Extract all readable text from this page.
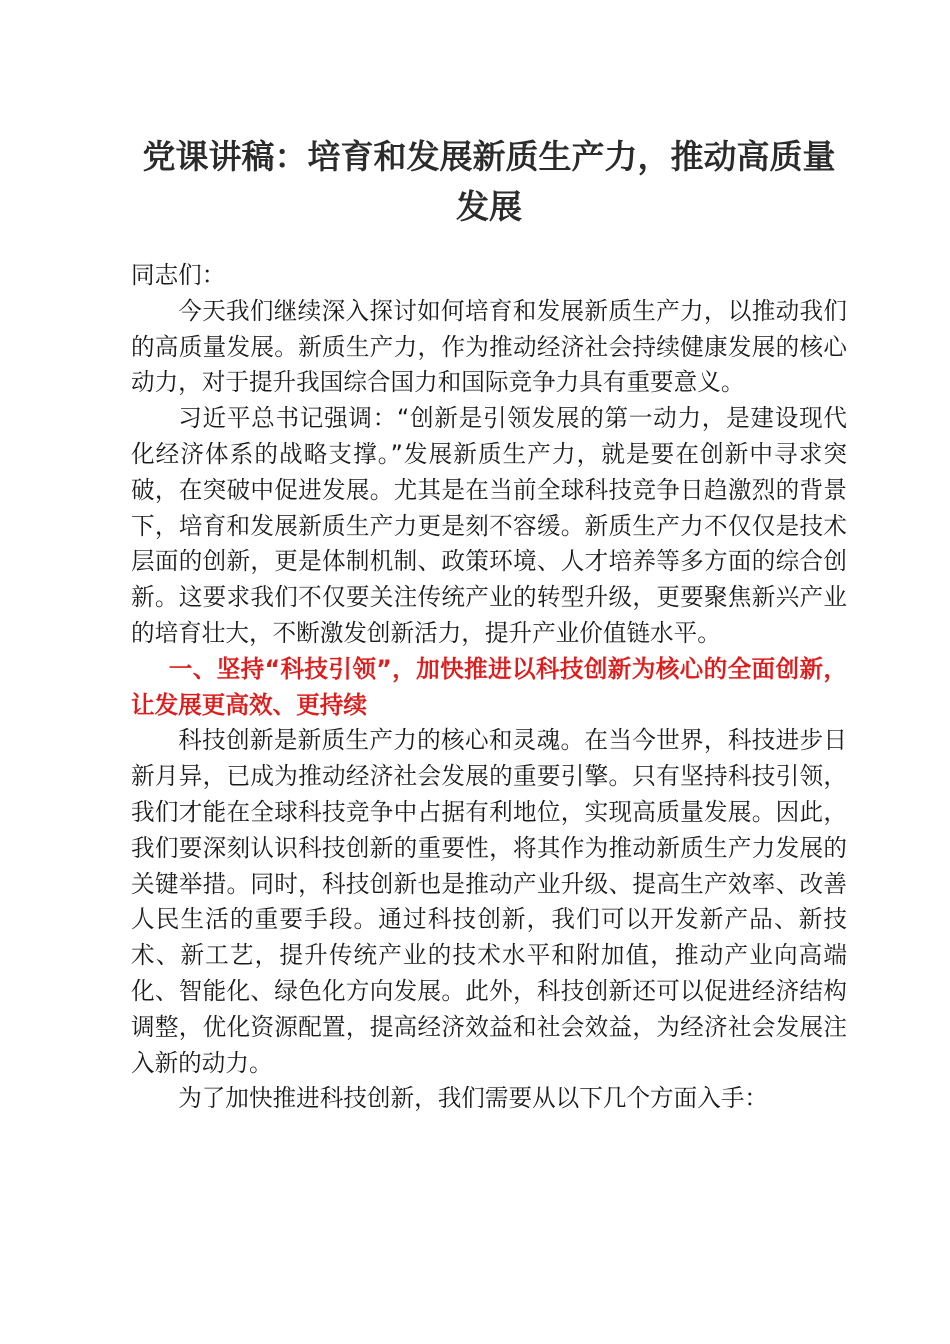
党课讲稿：培育和发展新质生产力，推动高质量发展

同志们：

今天我们继续深入探讨如何培育和发展新质生产力，以推动我们的高质量发展。新质生产力，作为推动经济社会持续健康发展的核心动力，对于提升我国综合国力和国际竞争力具有重要意义。

习近平总书记强调：“创新是引领发展的第一动力，是建设现代化经济体系的战略支撑。”发展新质生产力，就是要在创新中寻求突破，在突破中促进发展。尤其是在当前全球科技竞争日趋激烈的背景下，培育和发展新质生产力更是刻不容缓。新质生产力不仅仅是技术层面的创新，更是体制机制、政策环境、人才培养等多方面的综合创新。这要求我们不仅要关注传统产业的转型升级，更要聚焦新兴产业的培育壮大，不断激发创新活力，提升产业价值链水平。

一、坚持“科技引领”，加快推进以科技创新为核心的全面创新，让发展更高效、更持续

科技创新是新质生产力的核心和灵魂。在当今世界，科技进步日新月异，已成为推动经济社会发展的重要引擎。只有坚持科技引领，我们才能在全球科技竞争中占据有利地位，实现高质量发展。因此，我们要深刻认识科技创新的重要性，将其作为推动新质生产力发展的关键举措。同时，科技创新也是推动产业升级、提高生产效率、改善人民生活的重要手段。通过科技创新，我们可以开发新产品、新技术、新工艺，提升传统产业的技术水平和附加值，推动产业向高端化、智能化、绿色化方向发展。此外，科技创新还可以促进经济结构调整，优化资源配置，提高经济效益和社会效益，为经济社会发展注入新的动力。

为了加快推进科技创新，我们需要从以下几个方面入手：
